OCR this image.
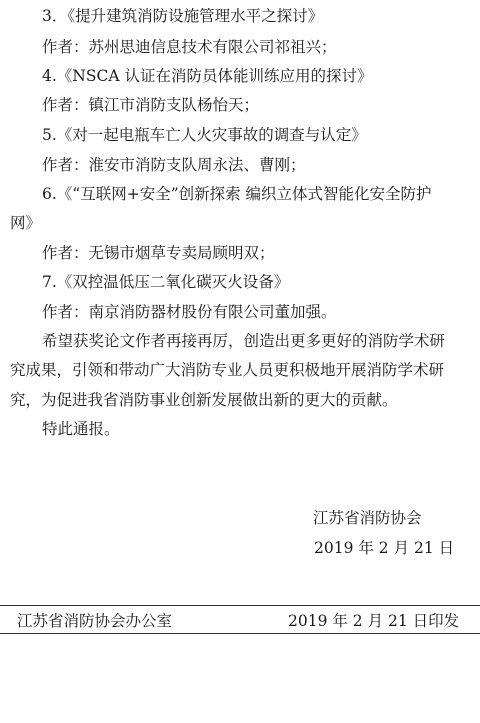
3．《提升建筑消防设施管理水平之探讨》
作者：苏州思迪信息技术有限公司祁祖兴；
4.《NSCA 认证在消防员体能训练应用的探讨》
作者：镇江市消防支队杨怡天；
5.《对一起电瓶车亡人火灾事故的调查与认定》
作者：淮安市消防支队周永法、曹刚；
6.《“互联网+安全”创新探索 编织立体式智能化安全防护
网》
作者：无锡市烟草专卖局顾明双；
7.《双控温低压二氧化碳灭火设备》
作者：南京消防器材股份有限公司董加强。
希望获奖论文作者再接再厉，创造出更多更好的消防学术研
究成果，引领和带动广大消防专业人员更积极地开展消防学术研
究，为促进我省消防事业创新发展做出新的更大的贡献。
特此通报。
江苏省消防协会
2019 年 2 月 21 日
江苏省消防协会办公室	2019 年 2 月 21 日印发
